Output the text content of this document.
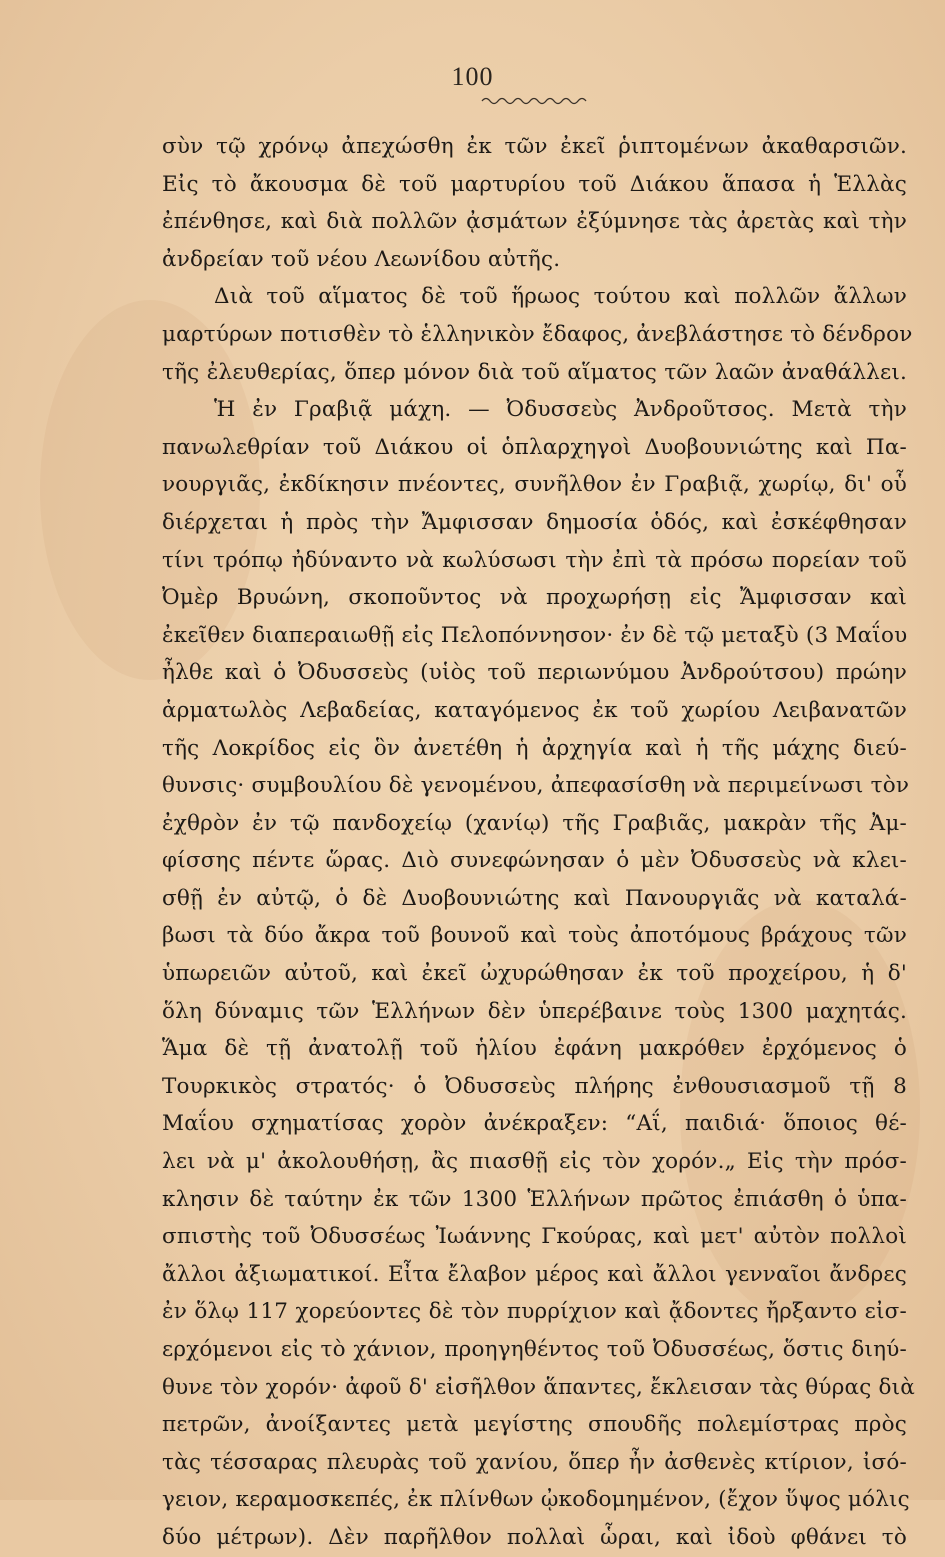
100
σὺν τῷ χρόνῳ ἀπεχώσθη ἐκ τῶν ἐκεῖ ῥιπτομένων ἀκαθαρσιῶν.
Εἰς τὸ ἄκουσμα δὲ τοῦ μαρτυρίου τοῦ Διάκου ἅπασα ἡ Ἑλλὰς
ἐπένθησε, καὶ διὰ πολλῶν ᾀσμάτων ἐξύμνησε τὰς ἀρετὰς καὶ τὴν
ἀνδρείαν τοῦ νέου Λεωνίδου αὐτῆς.
Διὰ τοῦ αἵματος δὲ τοῦ ἥρωος τούτου καὶ πολλῶν ἄλλων
μαρτύρων ποτισθὲν τὸ ἑλληνικὸν ἔδαφος, ἀνεβλάστησε τὸ δένδρον
τῆς ἐλευθερίας, ὅπερ μόνον διὰ τοῦ αἵματος τῶν λαῶν ἀναθάλλει.
Ἡ ἐν Γραβιᾷ μάχη. — Ὀδυσσεὺς Ἀνδροῦτσος. Μετὰ τὴν
πανωλεθρίαν τοῦ Διάκου οἱ ὁπλαρχηγοὶ Δυοβουνιώτης καὶ Πα-
νουργιᾶς, ἐκδίκησιν πνέοντες, συνῆλθον ἐν Γραβιᾷ, χωρίῳ, δι' οὗ
διέρχεται ἡ πρὸς τὴν Ἄμφισσαν δημοσία ὁδός, καὶ ἐσκέφθησαν
τίνι τρόπῳ ἠδύναντο νὰ κωλύσωσι τὴν ἐπὶ τὰ πρόσω πορείαν τοῦ
Ὀμὲρ Βρυώνη, σκοποῦντος νὰ προχωρήσῃ εἰς Ἄμφισσαν καὶ
ἐκεῖθεν διαπεραιωθῇ εἰς Πελοπόννησον· ἐν δὲ τῷ μεταξὺ (3 Μαΐου
ἦλθε καὶ ὁ Ὀδυσσεὺς (υἱὸς τοῦ περιωνύμου Ἀνδρούτσου) πρώην
ἁρματωλὸς Λεβαδείας, καταγόμενος ἐκ τοῦ χωρίου Λειβανατῶν
τῆς Λοκρίδος εἰς ὃν ἀνετέθη ἡ ἀρχηγία καὶ ἡ τῆς μάχης διεύ-
θυνσις· συμβουλίου δὲ γενομένου, ἀπεφασίσθη νὰ περιμείνωσι τὸν
ἐχθρὸν ἐν τῷ πανδοχείῳ (χανίῳ) τῆς Γραβιᾶς, μακρὰν τῆς Ἀμ-
φίσσης πέντε ὥρας. Διὸ συνεφώνησαν ὁ μὲν Ὀδυσσεὺς νὰ κλει-
σθῇ ἐν αὐτῷ, ὁ δὲ Δυοβουνιώτης καὶ Πανουργιᾶς νὰ καταλά-
βωσι τὰ δύο ἄκρα τοῦ βουνοῦ καὶ τοὺς ἀποτόμους βράχους τῶν
ὑπωρειῶν αὐτοῦ, καὶ ἐκεῖ ὠχυρώθησαν ἐκ τοῦ προχείρου, ἡ δ'
ὅλη δύναμις τῶν Ἑλλήνων δὲν ὑπερέβαινε τοὺς 1300 μαχητάς.
Ἅμα δὲ τῇ ἀνατολῇ τοῦ ἡλίου ἐφάνη μακρόθεν ἐρχόμενος ὁ
Τουρκικὸς στρατός· ὁ Ὀδυσσεὺς πλήρης ἐνθουσιασμοῦ τῇ 8
Μαΐου σχηματίσας χορὸν ἀνέκραξεν: “Αΐ, παιδιά· ὅποιος θέ-
λει νὰ μ' ἀκολουθήσῃ, ἂς πιασθῇ εἰς τὸν χορόν.„ Εἰς τὴν πρόσ-
κλησιν δὲ ταύτην ἐκ τῶν 1300 Ἑλλήνων πρῶτος ἐπιάσθη ὁ ὑπα-
σπιστὴς τοῦ Ὀδυσσέως Ἰωάννης Γκούρας, καὶ μετ' αὐτὸν πολλοὶ
ἄλλοι ἀξιωματικοί. Εἶτα ἔλαβον μέρος καὶ ἄλλοι γενναῖοι ἄνδρες
ἐν ὅλῳ 117 χορεύοντες δὲ τὸν πυρρίχιον καὶ ᾄδοντες ἤρξαντο εἰσ-
ερχόμενοι εἰς τὸ χάνιον, προηγηθέντος τοῦ Ὀδυσσέως, ὅστις διηύ-
θυνε τὸν χορόν· ἀφοῦ δ' εἰσῆλθον ἅπαντες, ἔκλεισαν τὰς θύρας διὰ
πετρῶν, ἀνοίξαντες μετὰ μεγίστης σπουδῆς πολεμίστρας πρὸς
τὰς τέσσαρας πλευρὰς τοῦ χανίου, ὅπερ ἦν ἀσθενὲς κτίριον, ἰσό-
γειον, κεραμοσκεπές, ἐκ πλίνθων ᾠκοδομημένον, (ἔχον ὕψος μόλις
δύο μέτρων). Δὲν παρῆλθον πολλαὶ ὧραι, καὶ ἰδοὺ φθάνει τὸ
